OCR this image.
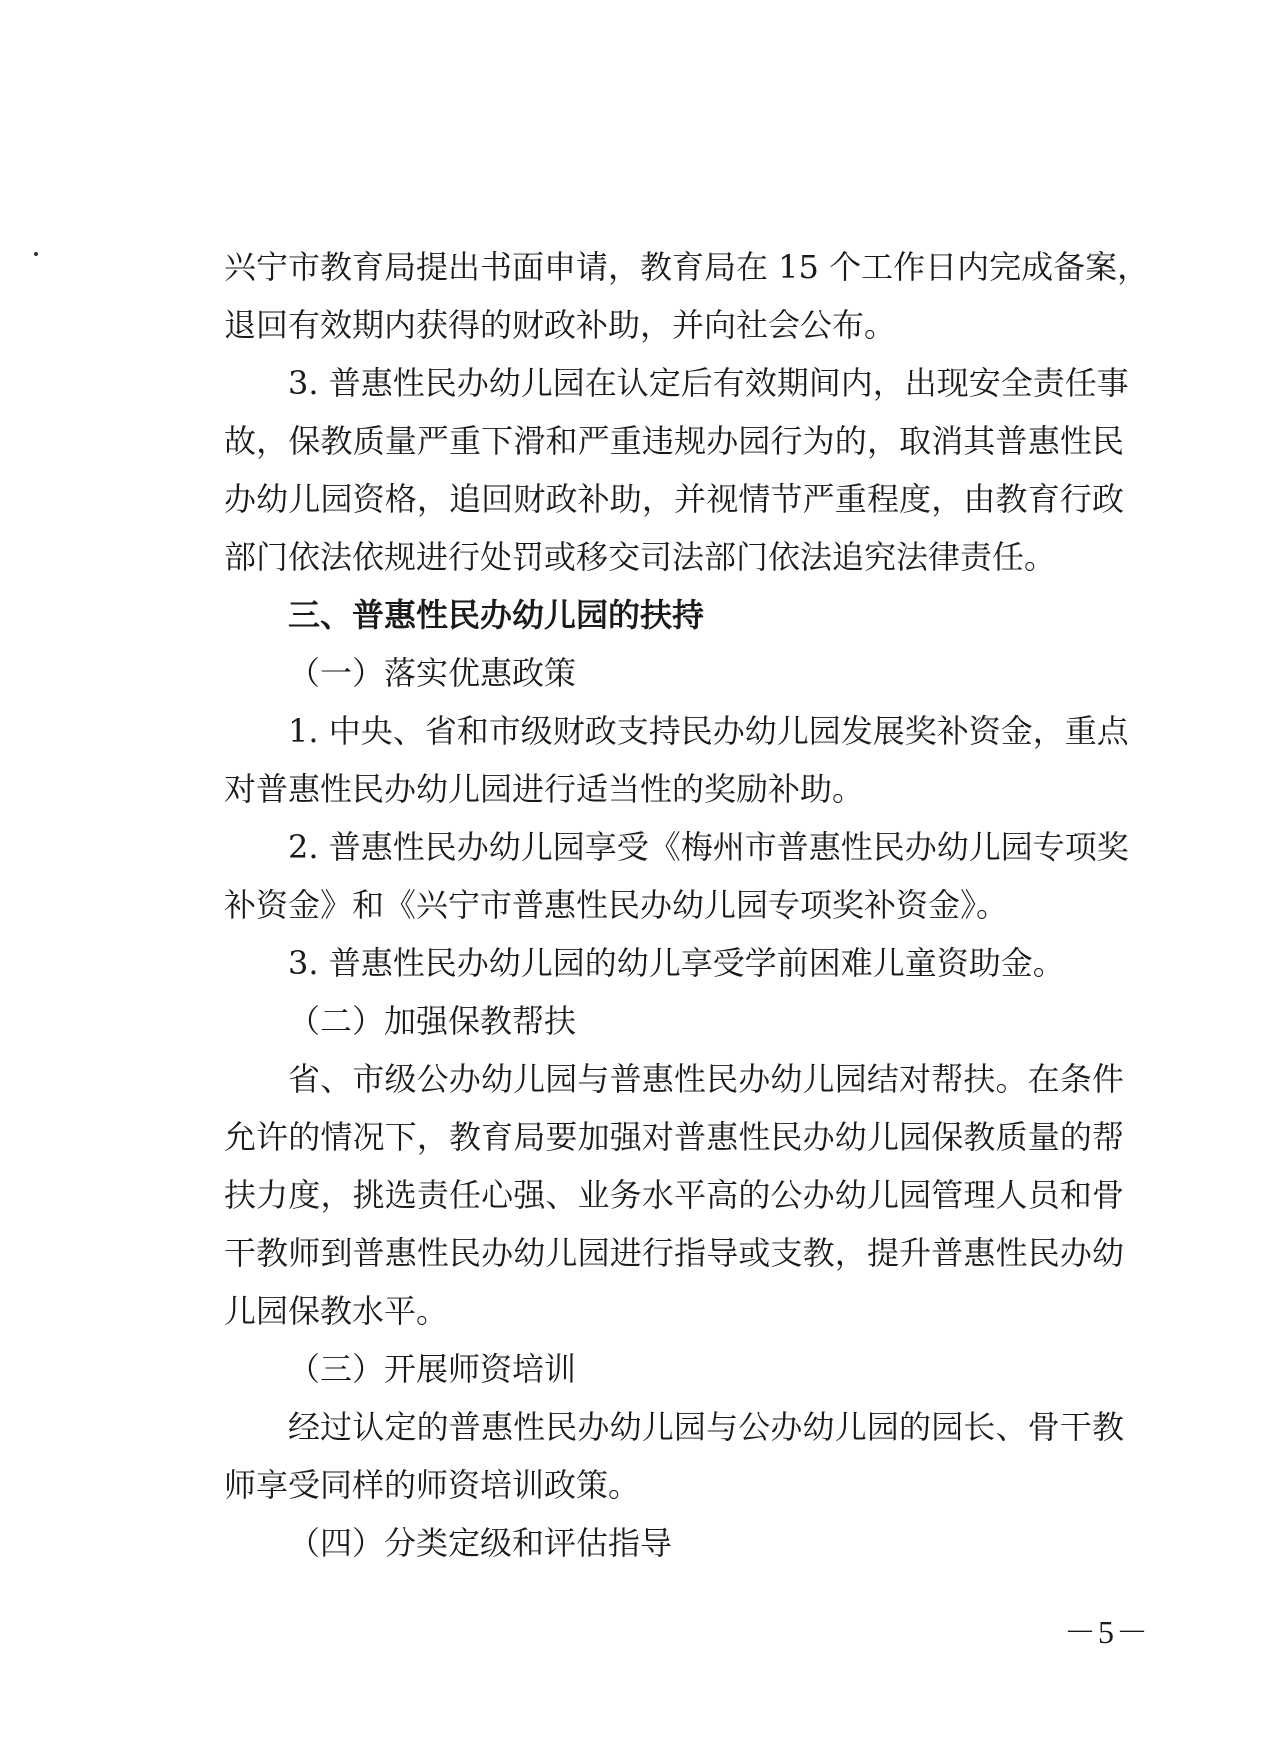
兴宁市教育局提出书面申请，教育局在 15 个工作日内完成备案，
退回有效期内获得的财政补助，并向社会公布。
3. 普惠性民办幼儿园在认定后有效期间内，出现安全责任事
故，保教质量严重下滑和严重违规办园行为的，取消其普惠性民
办幼儿园资格，追回财政补助，并视情节严重程度，由教育行政
部门依法依规进行处罚或移交司法部门依法追究法律责任。
三、普惠性民办幼儿园的扶持
（一）落实优惠政策
1. 中央、省和市级财政支持民办幼儿园发展奖补资金，重点
对普惠性民办幼儿园进行适当性的奖励补助。
2. 普惠性民办幼儿园享受《梅州市普惠性民办幼儿园专项奖
补资金》和《兴宁市普惠性民办幼儿园专项奖补资金》。
3. 普惠性民办幼儿园的幼儿享受学前困难儿童资助金。
（二）加强保教帮扶
省、市级公办幼儿园与普惠性民办幼儿园结对帮扶。在条件
允许的情况下，教育局要加强对普惠性民办幼儿园保教质量的帮
扶力度，挑选责任心强、业务水平高的公办幼儿园管理人员和骨
干教师到普惠性民办幼儿园进行指导或支教，提升普惠性民办幼
儿园保教水平。
（三）开展师资培训
经过认定的普惠性民办幼儿园与公办幼儿园的园长、骨干教
师享受同样的师资培训政策。
（四）分类定级和评估指导
－5－
